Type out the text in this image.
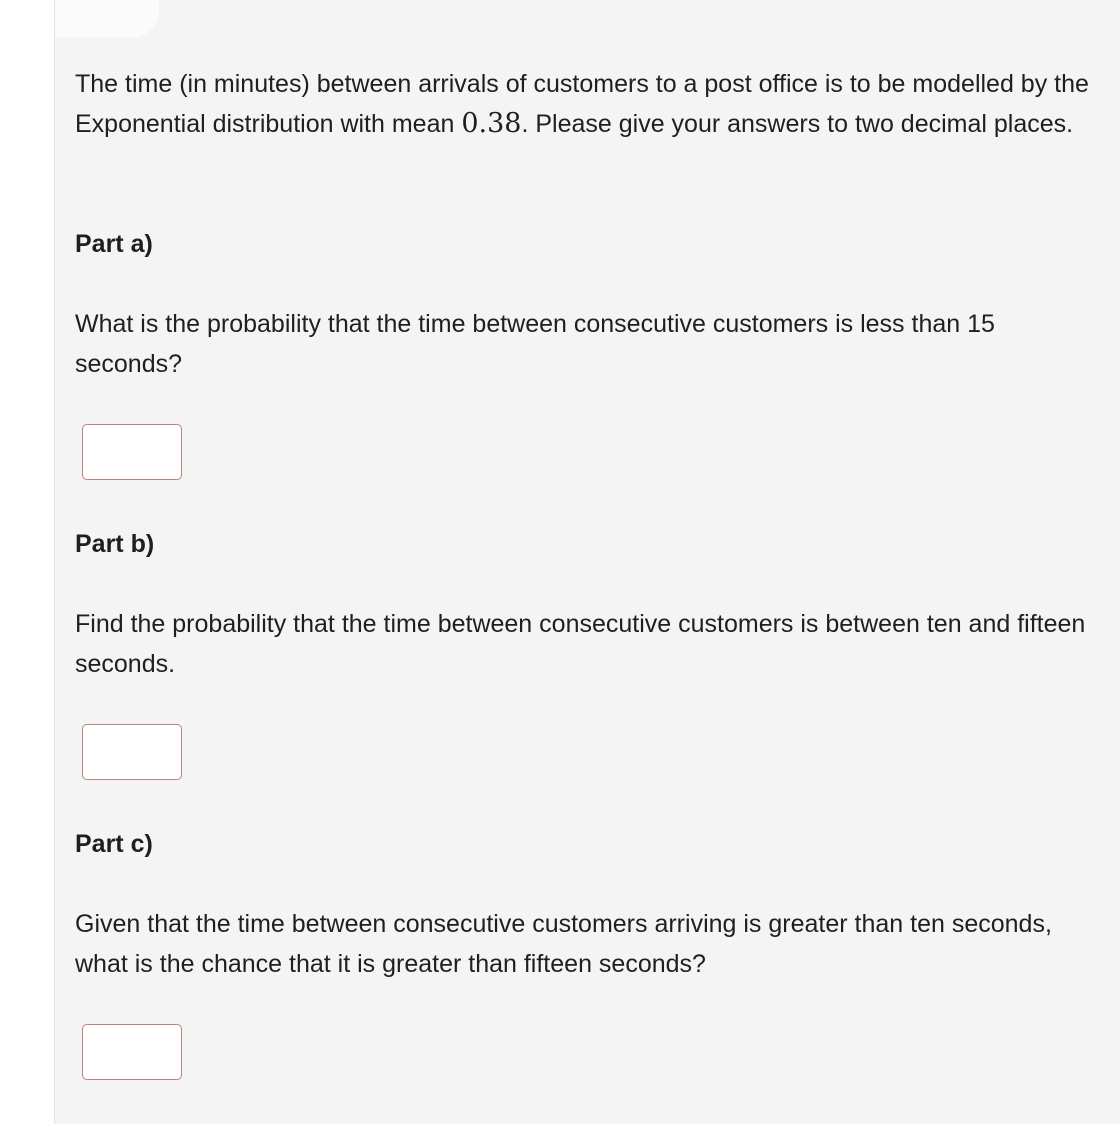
The time (in minutes) between arrivals of customers to a post office is to be modelled by the Exponential distribution with mean 0.38. Please give your answers to two decimal places.

Part a)

What is the probability that the time between consecutive customers is less than 15 seconds?

Part b)

Find the probability that the time between consecutive customers is between ten and fifteen seconds.

Part c)

Given that the time between consecutive customers arriving is greater than ten seconds, what is the chance that it is greater than fifteen seconds?
